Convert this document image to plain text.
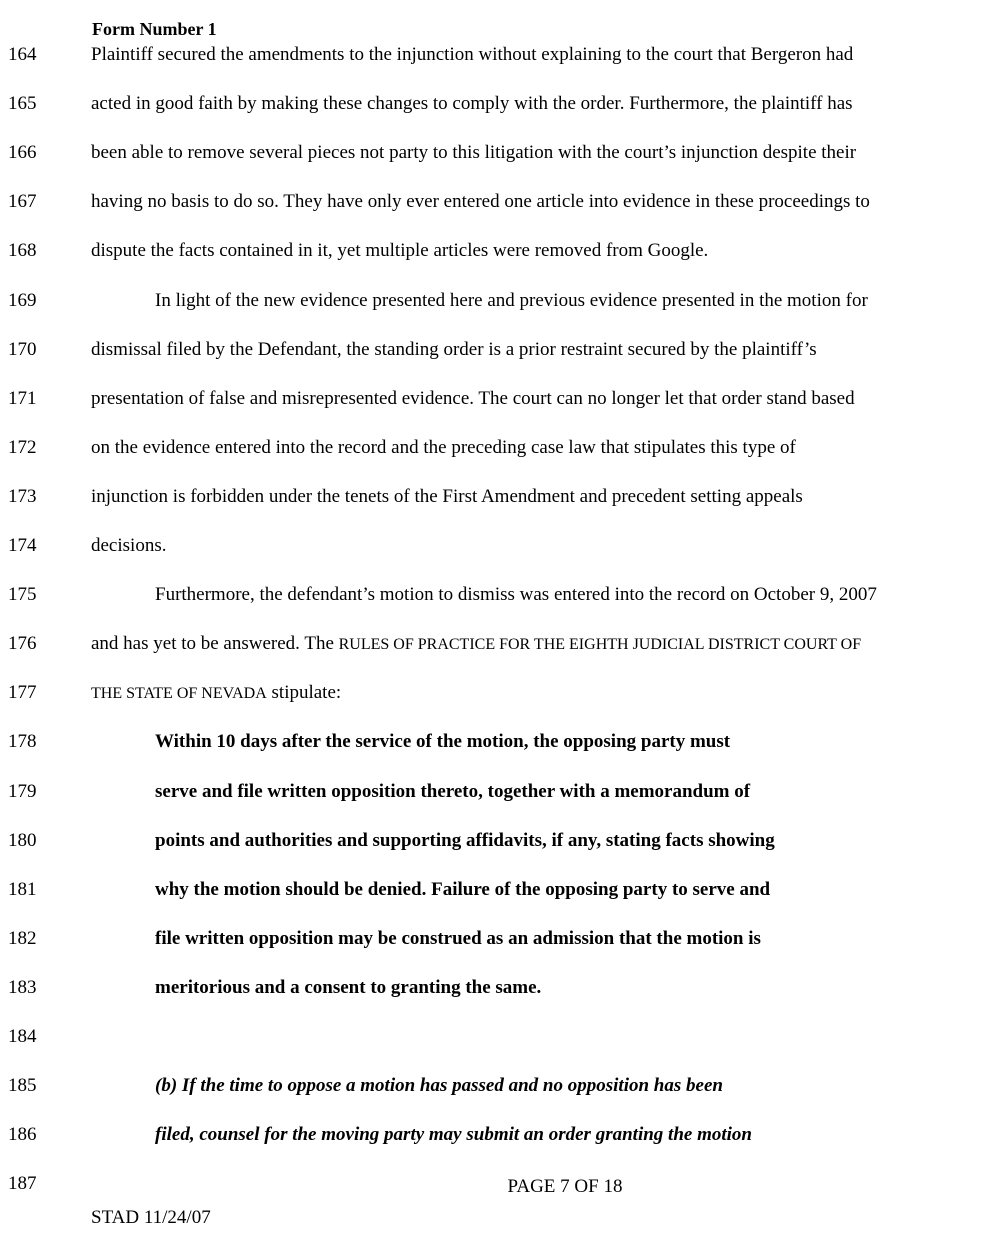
Form Number 1
164	Plaintiff secured the amendments to the injunction without explaining to the court that Bergeron had
165	acted in good faith by making these changes to comply with the order. Furthermore, the plaintiff has
166	been able to remove several pieces not party to this litigation with the court’s injunction despite their
167	having no basis to do so. They have only ever entered one article into evidence in these proceedings to
168	dispute the facts contained in it, yet multiple articles were removed from Google.
169	In light of the new evidence presented here and previous evidence presented in the motion for
170	dismissal filed by the Defendant, the standing order is a prior restraint secured by the plaintiff’s
171	presentation of false and misrepresented evidence. The court can no longer let that order stand based
172	on the evidence entered into the record and the preceding case law that stipulates this type of
173	injunction is forbidden under the tenets of the First Amendment and precedent setting appeals
174	decisions.
175	Furthermore, the defendant’s motion to dismiss was entered into the record on October 9, 2007
176	and has yet to be answered. The RULES OF PRACTICE FOR THE EIGHTH JUDICIAL DISTRICT COURT OF
177	THE STATE OF NEVADA stipulate:
178	Within 10 days after the service of the motion, the opposing party must
179	serve and file written opposition thereto, together with a memorandum of
180	points and authorities and supporting affidavits, if any, stating facts showing
181	why the motion should be denied. Failure of the opposing party to serve and
182	file written opposition may be construed as an admission that the motion is
183	meritorious and a consent to granting the same.
184
185	(b) If the time to oppose a motion has passed and no opposition has been
186	filed, counsel for the moving party may submit an order granting the motion
187	PAGE 7 OF 18
STAD 11/24/07
